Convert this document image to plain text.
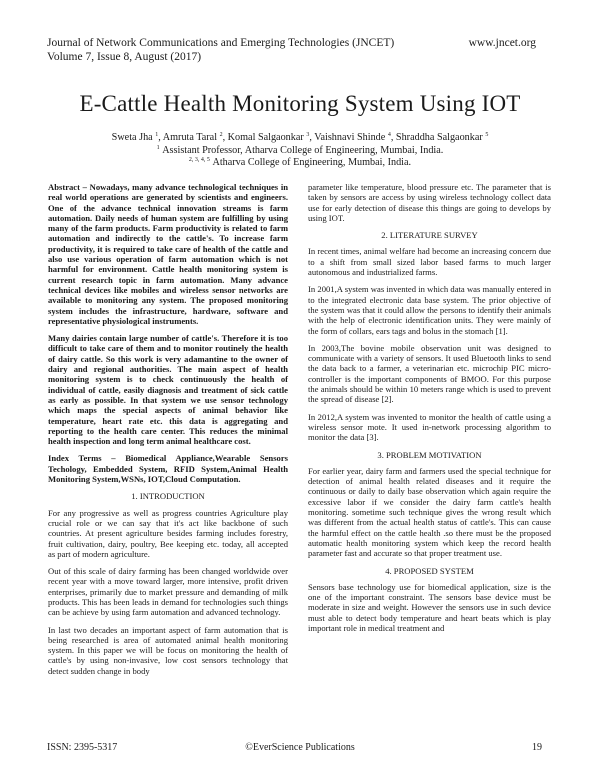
Journal of Network Communications and Emerging Technologies (JNCET)
Volume 7, Issue 8, August (2017)
www.jncet.org
E-Cattle Health Monitoring System Using IOT
Sweta Jha $^1$, Amruta Taral $^2$, Komal Salgaonkar $^3$, Vaishnavi Shinde $^4$, Shraddha Salgaonkar $^5$
$^1$ Assistant Professor, Atharva College of Engineering, Mumbai, India.
$^{2, 3, 4, 5}$ Atharva College of Engineering, Mumbai, India.

Abstract – Nowadays, many advance technological techniques in real world operations are generated by scientists and engineers. One of the advance technical innovation streams is farm automation. Daily needs of human system are fulfilling by using many of the farm products. Farm productivity is related to farm automation and indirectly to the cattle's. To increase farm productivity, it is required to take care of health of the cattle and also use various operation of farm automation which is not harmful for environment. Cattle health monitoring system is current research topic in farm automation. Many advance technical devices like mobiles and wireless sensor networks are available to monitoring any system. The proposed monitoring system includes the infrastructure, hardware, software and representative physiological instruments.

Many dairies contain large number of cattle's. Therefore it is too difficult to take care of them and to monitor routinely the health of dairy cattle. So this work is very adamantine to the owner of dairy and regional authorities. The main aspect of health monitoring system is to check continuously the health of individual of cattle, easily diagnosis and treatment of sick cattle as early as possible. In that system we use sensor technology which maps the special aspects of animal behavior like temperature, heart rate etc. this data is aggregating and reporting to the health care center. This reduces the minimal health inspection and long term animal healthcare cost.

Index Terms – Biomedical Appliance,Wearable Sensors Techology, Embedded System, RFID System,Animal Health Monitoring System,WSNs, IOT,Cloud Computation.

1. INTRODUCTION

For any progressive as well as progress countries Agriculture play crucial role or we can say that it's act like backbone of such countries. At present agriculture besides farming includes forestry, fruit cultivation, dairy, poultry, Bee keeping etc. today, all accepted as part of modern agriculture.

Out of this scale of dairy farming has been changed worldwide over recent year with a move toward larger, more intensive, profit driven enterprises, primarily due to market pressure and demanding of milk products. This has been leads in demand for technologies such things can be achieve by using farm automation and advanced technology.

In last two decades an important aspect of farm automation that is being researched is area of automated animal health monitoring system. In this paper we will be focus on monitoring the health of cattle's by using non-invasive, low cost sensors technology that detect sudden change in body

parameter like temperature, blood pressure etc. The parameter that is taken by sensors are access by using wireless technology collect data use for early detection of disease this things are going to develops by using IOT.

2. LITERATURE SURVEY

In recent times, animal welfare had become an increasing concern due to a shift from small sized labor based farms to much larger autonomous and industrialized farms.

In 2001,A system was invented in which data was manually entered in to the integrated electronic data base system. The prior objective of the system was that it could allow the persons to identify their animals with the help of electronic identification units. They were mainly of the form of collars, ears tags and bolus in the stomach [1].

In 2003,The bovine mobile observation unit was designed to communicate with a variety of sensors. It used Bluetooth links to send the data back to a farmer, a veterinarian etc. microchip PIC micro-controller is the important components of BMOO. For this purpose the animals should be within 10 meters range which is used to prevent the spread of disease [2].

In 2012,A system was invented to monitor the health of cattle using a wireless sensor mote. It used in-network processing algorithm to monitor the data [3].

3. PROBLEM MOTIVATION

For earlier year, dairy farm and farmers used the special technique for detection of animal health related diseases and it require the continuous or daily to daily base observation which again require the excessive labor if we consider the dairy farm cattle's health monitoring. sometime such technique gives the wrong result which was different from the actual health status of cattle's. This can cause the harmful effect on the cattle health .so there must be the proposed automatic health monitoring system which keep the record health parameter fast and accurate so that proper treatment use.

4. PROPOSED SYSTEM

Sensors base technology use for biomedical application, size is the one of the important constraint. The sensors base device must be moderate in size and weight. However the sensors use in such device must able to detect body temperature and heart beats which is play important role in medical treatment and

ISSN: 2395-5317	©EverScience Publications	19
